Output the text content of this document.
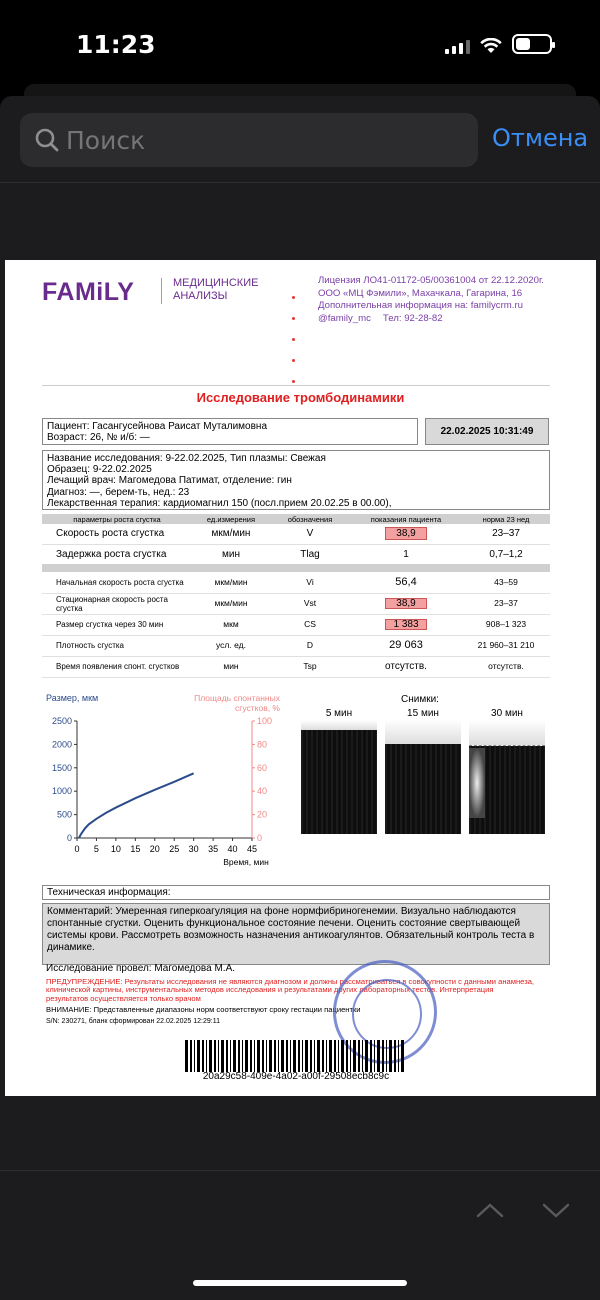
11:23
Поиск
Отмена
FAMiLY	МЕДИЦИНСКИЕ АНАЛИЗЫ
Лицензия ЛО41-01172-05/00361004 от 22.12.2020г.
ООО «МЦ Фэмили», Махачкала, Гагарина, 16
Дополнительная информация на: familycrm.ru
@family_mc Тел: 92-28-82
Исследование тромбодинамики
Пациент: Гасангусейнова Раисат Муталимовна
Возраст: 26, № и/б: —
22.02.2025 10:31:49
Название исследования: 9-22.02.2025, Тип плазмы: Свежая
Образец: 9-22.02.2025
Лечащий врач: Магомедова Патимат, отделение: гин
Диагноз: —, берем-ть, нед.: 23
Лекарственная терапия: кардиомагнил 150 (посл.прием 20.02.25 в 00.00),
параметры роста сгустка	ед.измерения	обозначения	показания пациента	норма 23 нед
Скорость роста сгустка	мкм/мин	V	38,9	23–37
Задержка роста сгустка	мин	Tlag	1	0,7–1,2

Начальная скорость роста сгустка	мкм/мин	Vi	56,4	43–59
Стационарная скорость роста сгустка	мкм/мин	Vst	38,9	23–37
Размер сгустка через 30 мин	мкм	CS	1 383	908–1 323
Плотность сгустка	усл. ед.	D	29 063	21 960–31 210
Время появления спонт. сгустков	мин	Tsp	отсутств.	отсутств.
Размер, мкм	Площадь спонтанных сгустков, %
0
500
1000
1500
2000
2500
0
20
40
60
80
100
0 5 10 15 20 25 30 35 40 45
Время, мин
Снимки:
5 мин	15 мин	30 мин
Техническая информация:
Комментарий: Умеренная гиперкоагуляция на фоне нормфибриногенемии. Визуально наблюдаются спонтанные сгустки. Оценить функциональное состояние печени. Оценить состояние свертывающей системы крови. Рассмотреть возможность назначения антикоагулянтов. Обязательный контроль теста в динамике.
Исследование провел: Магомедова М.А.
ПРЕДУПРЕЖДЕНИЕ: Результаты исследования не являются диагнозом и должны рассматриваться в совокупности с данными анамнеза, клинической картины, инструментальных методов исследования и результатами других лабораторных тестов. Интерпретация результатов осуществляется только врачом
ВНИМАНИЕ: Представленные диапазоны норм соответствуют сроку гестации пациентки
S/N: 230271, бланк сформирован 22.02.2025 12:29:11
20a29c58-409e-4a02-a00f-29508ecb8c9c
